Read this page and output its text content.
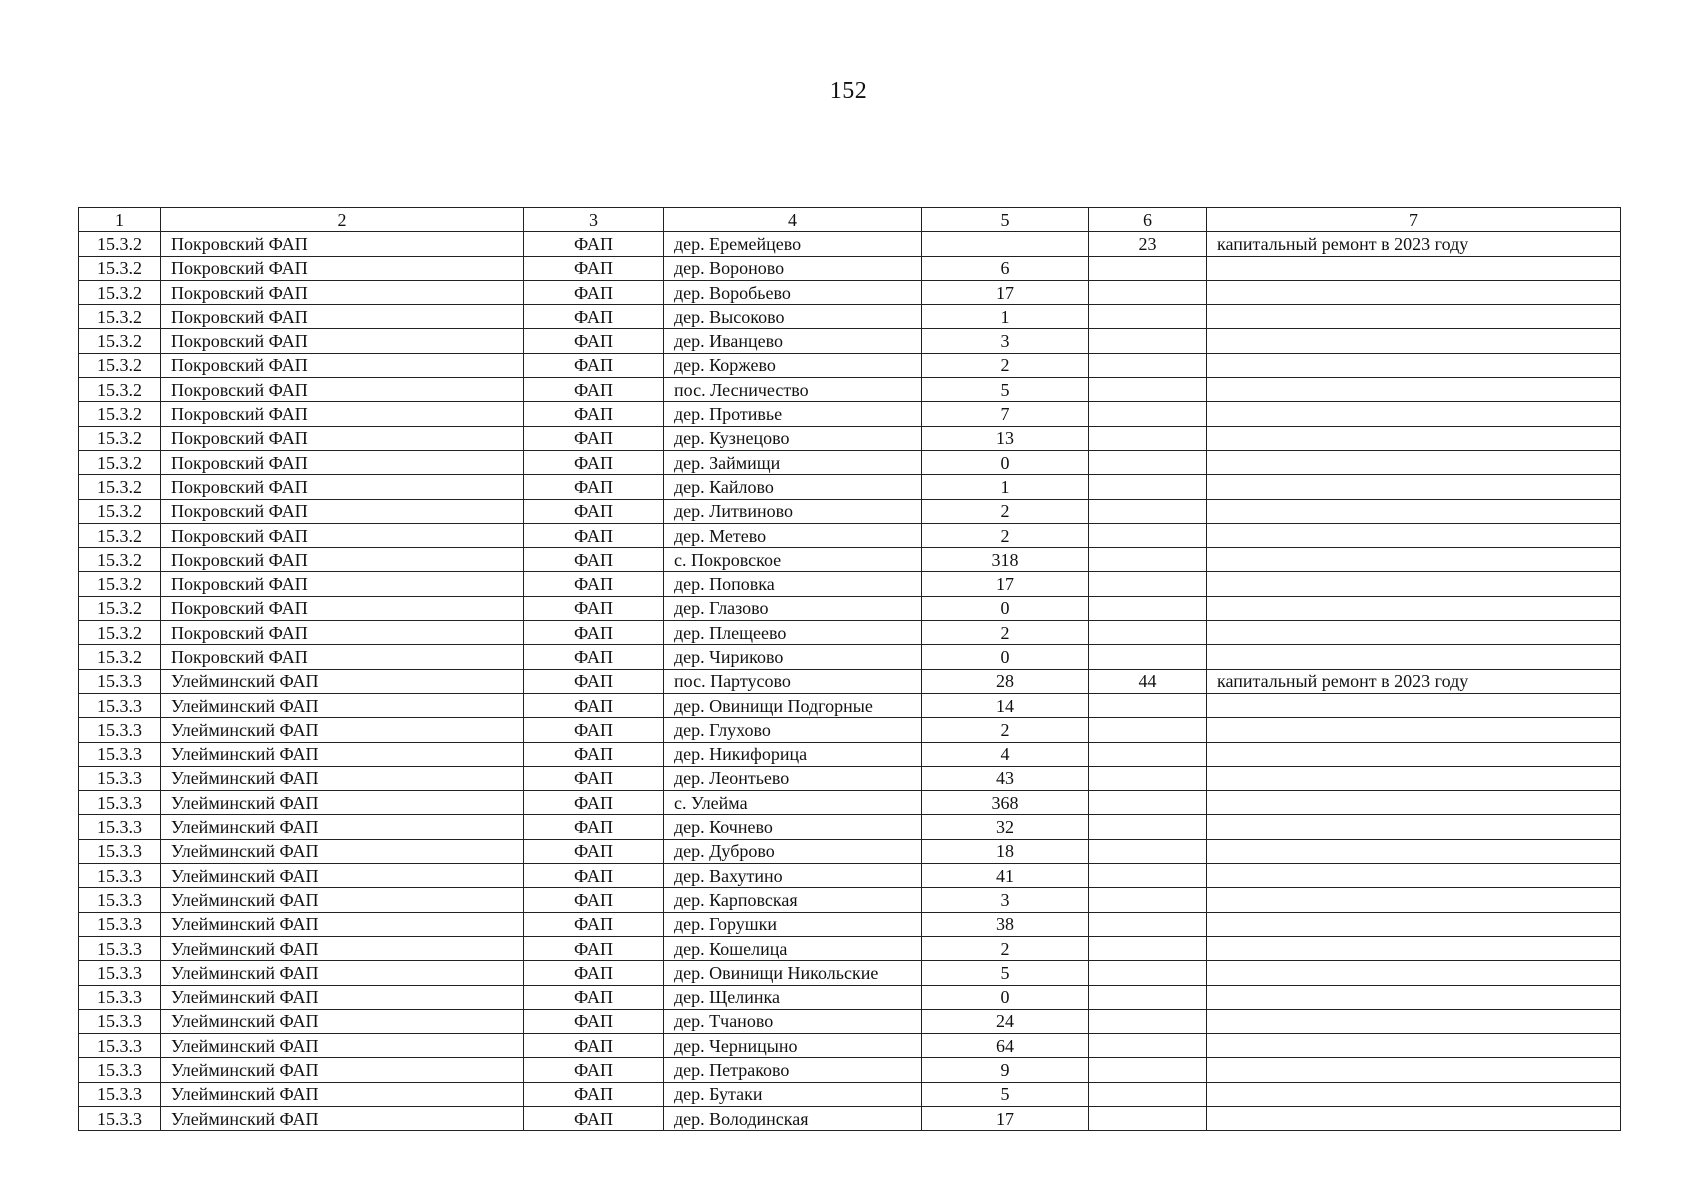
152
1	2	3	4	5	6	7
15.3.2	Покровский ФАП	ФАП	дер. Еремейцево		23	капитальный ремонт в 2023 году
15.3.2	Покровский ФАП	ФАП	дер. Вороново	6		
15.3.2	Покровский ФАП	ФАП	дер. Воробьево	17		
15.3.2	Покровский ФАП	ФАП	дер. Высоково	1		
15.3.2	Покровский ФАП	ФАП	дер. Иванцево	3		
15.3.2	Покровский ФАП	ФАП	дер. Коржево	2		
15.3.2	Покровский ФАП	ФАП	пос. Лесничество	5		
15.3.2	Покровский ФАП	ФАП	дер. Противье	7		
15.3.2	Покровский ФАП	ФАП	дер. Кузнецово	13		
15.3.2	Покровский ФАП	ФАП	дер. Займищи	0		
15.3.2	Покровский ФАП	ФАП	дер. Кайлово	1		
15.3.2	Покровский ФАП	ФАП	дер. Литвиново	2		
15.3.2	Покровский ФАП	ФАП	дер. Метево	2		
15.3.2	Покровский ФАП	ФАП	с. Покровское	318		
15.3.2	Покровский ФАП	ФАП	дер. Поповка	17		
15.3.2	Покровский ФАП	ФАП	дер. Глазово	0		
15.3.2	Покровский ФАП	ФАП	дер. Плещеево	2		
15.3.2	Покровский ФАП	ФАП	дер. Чириково	0		
15.3.3	Улейминский ФАП	ФАП	пос. Партусово	28	44	капитальный ремонт в 2023 году
15.3.3	Улейминский ФАП	ФАП	дер. Овинищи Подгорные	14		
15.3.3	Улейминский ФАП	ФАП	дер. Глухово	2		
15.3.3	Улейминский ФАП	ФАП	дер. Никифорица	4		
15.3.3	Улейминский ФАП	ФАП	дер. Леонтьево	43		
15.3.3	Улейминский ФАП	ФАП	с. Улейма	368		
15.3.3	Улейминский ФАП	ФАП	дер. Кочнево	32		
15.3.3	Улейминский ФАП	ФАП	дер. Дуброво	18		
15.3.3	Улейминский ФАП	ФАП	дер. Вахутино	41		
15.3.3	Улейминский ФАП	ФАП	дер. Карповская	3		
15.3.3	Улейминский ФАП	ФАП	дер. Горушки	38		
15.3.3	Улейминский ФАП	ФАП	дер. Кошелица	2		
15.3.3	Улейминский ФАП	ФАП	дер. Овинищи Никольские	5		
15.3.3	Улейминский ФАП	ФАП	дер. Щелинка	0		
15.3.3	Улейминский ФАП	ФАП	дер. Тчаново	24		
15.3.3	Улейминский ФАП	ФАП	дер. Черницыно	64		
15.3.3	Улейминский ФАП	ФАП	дер. Петраково	9		
15.3.3	Улейминский ФАП	ФАП	дер. Бутаки	5		
15.3.3	Улейминский ФАП	ФАП	дер. Володинская	17		
